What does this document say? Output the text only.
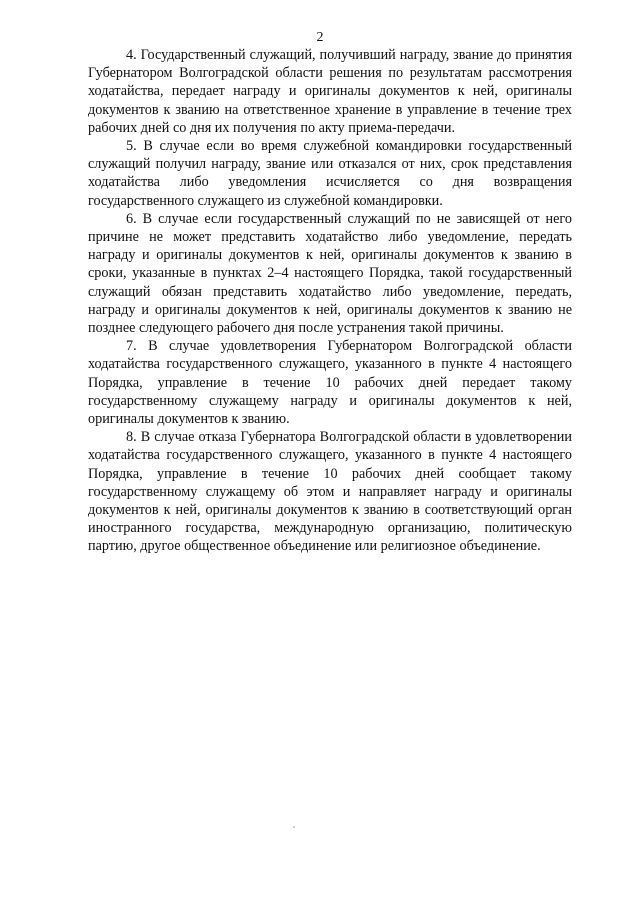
2

4. Государственный служащий, получивший награду, звание до принятия Губернатором Волгоградской области решения по результатам рассмотрения ходатайства, передает награду и оригиналы документов к ней, оригиналы документов к званию на ответственное хранение в управление в течение трех рабочих дней со дня их получения по акту приема-передачи.

5. В случае если во время служебной командировки государственный служащий получил награду, звание или отказался от них, срок представления ходатайства либо уведомления исчисляется со дня возвращения государственного служащего из служебной командировки.

6. В случае если государственный служащий по не зависящей от него причине не может представить ходатайство либо уведомление, передать награду и оригиналы документов к ней, оригиналы документов к званию в сроки, указанные в пунктах 2–4 настоящего Порядка, такой государственный служащий обязан представить ходатайство либо уведомление, передать, награду и оригиналы документов к ней, оригиналы документов к званию не позднее следующего рабочего дня после устранения такой причины.

7. В случае удовлетворения Губернатором Волгоградской области ходатайства государственного служащего, указанного в пункте 4 настоящего Порядка, управление в течение 10 рабочих дней передает такому государственному служащему награду и оригиналы документов к ней, оригиналы документов к званию.

8. В случае отказа Губернатора Волгоградской области в удовлетворении ходатайства государственного служащего, указанного в пункте 4 настоящего Порядка, управление в течение 10 рабочих дней сообщает такому государственному служащему об этом и направляет награду и оригиналы документов к ней, оригиналы документов к званию в соответствующий орган иностранного государства, международную организацию, политическую партию, другое общественное объединение или религиозное объединение.
